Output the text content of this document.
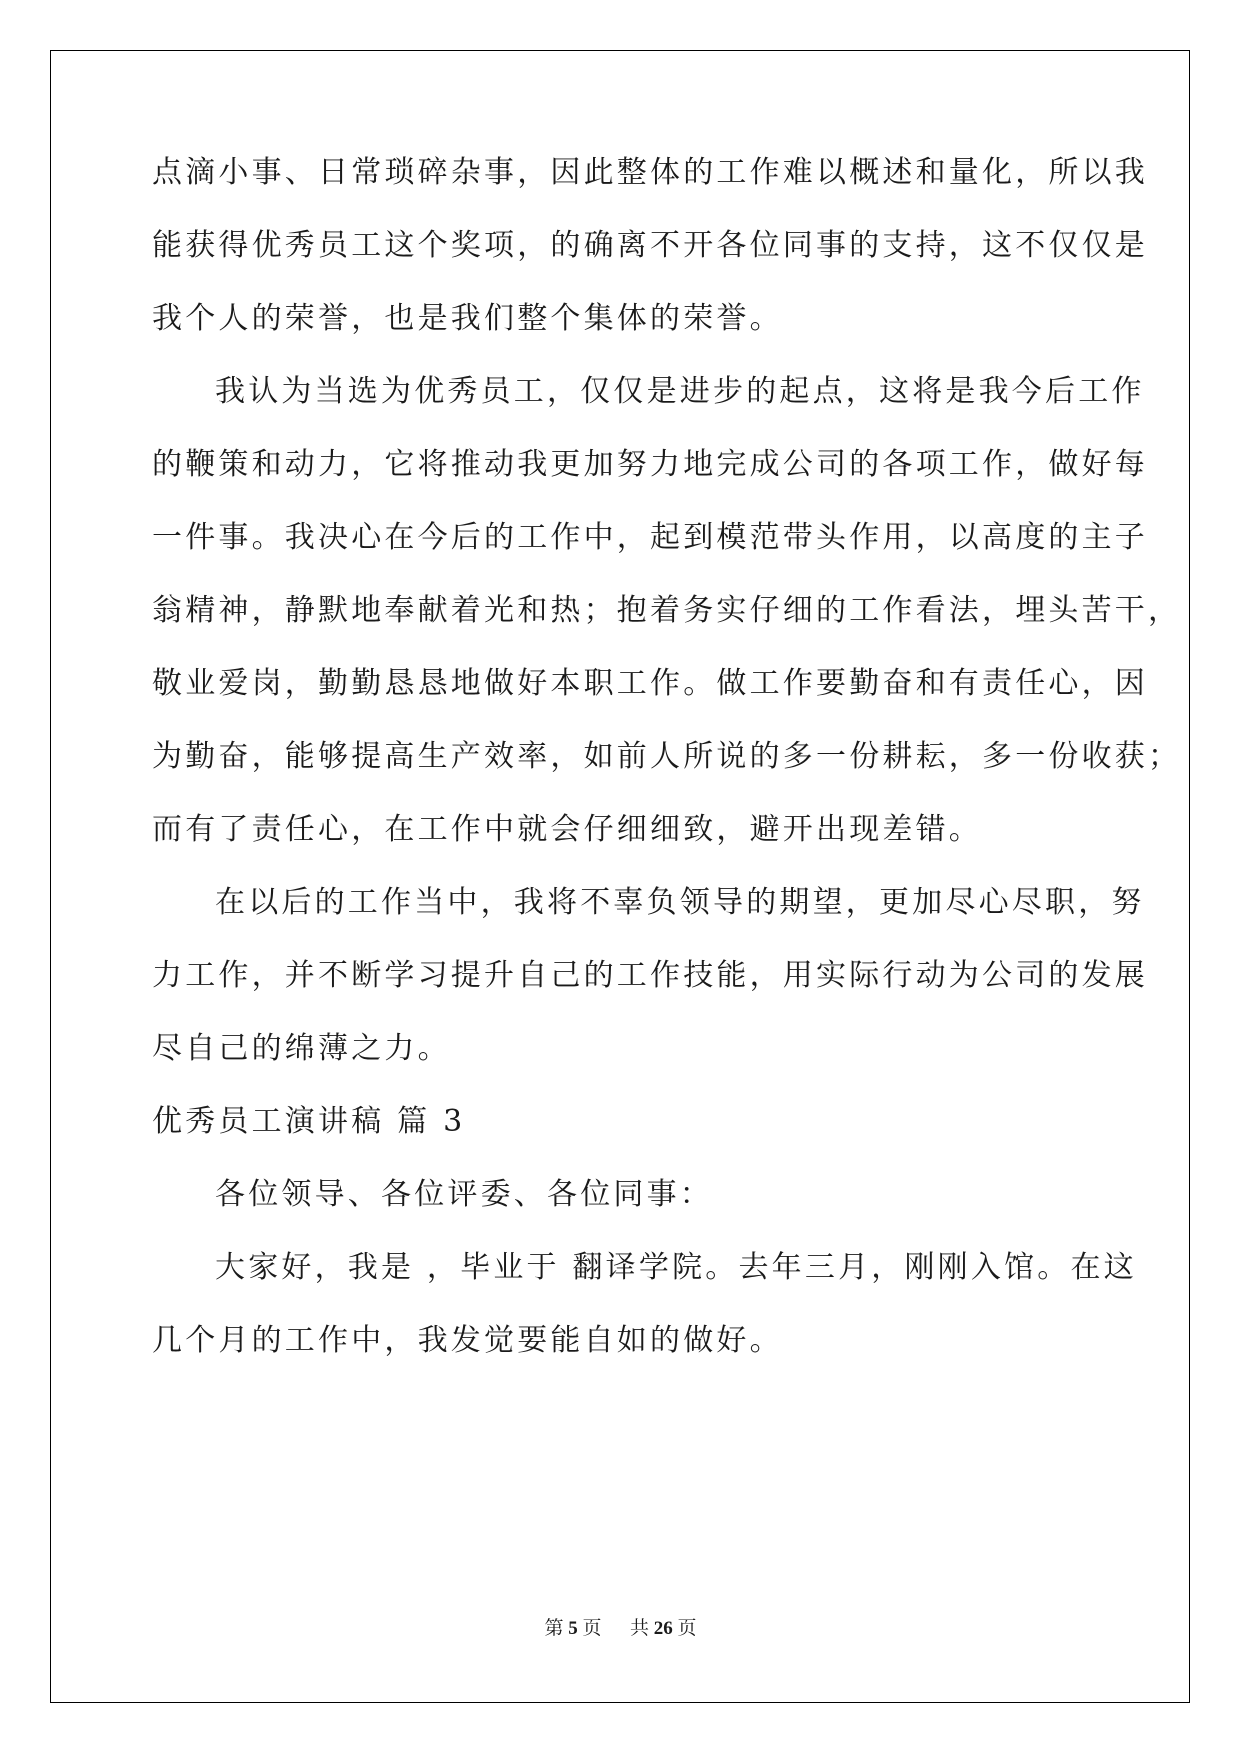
点滴小事、日常琐碎杂事，因此整体的工作难以概述和量化，所以我
能获得优秀员工这个奖项，的确离不开各位同事的支持，这不仅仅是
我个人的荣誉，也是我们整个集体的荣誉。
我认为当选为优秀员工，仅仅是进步的起点，这将是我今后工作
的鞭策和动力，它将推动我更加努力地完成公司的各项工作，做好每
一件事。我决心在今后的工作中，起到模范带头作用，以高度的主子
翁精神，静默地奉献着光和热；抱着务实仔细的工作看法，埋头苦干，
敬业爱岗，勤勤恳恳地做好本职工作。做工作要勤奋和有责任心，因
为勤奋，能够提高生产效率，如前人所说的多一份耕耘，多一份收获；
而有了责任心，在工作中就会仔细细致，避开出现差错。
在以后的工作当中，我将不辜负领导的期望，更加尽心尽职，努
力工作，并不断学习提升自己的工作技能，用实际行动为公司的发展
尽自己的绵薄之力。
优秀员工演讲稿 篇 3
各位领导、各位评委、各位同事：
大家好，我是 ，毕业于 翻译学院。去年三月，刚刚入馆。在这
几个月的工作中，我发觉要能自如的做好。
第 5 页   共 26 页
